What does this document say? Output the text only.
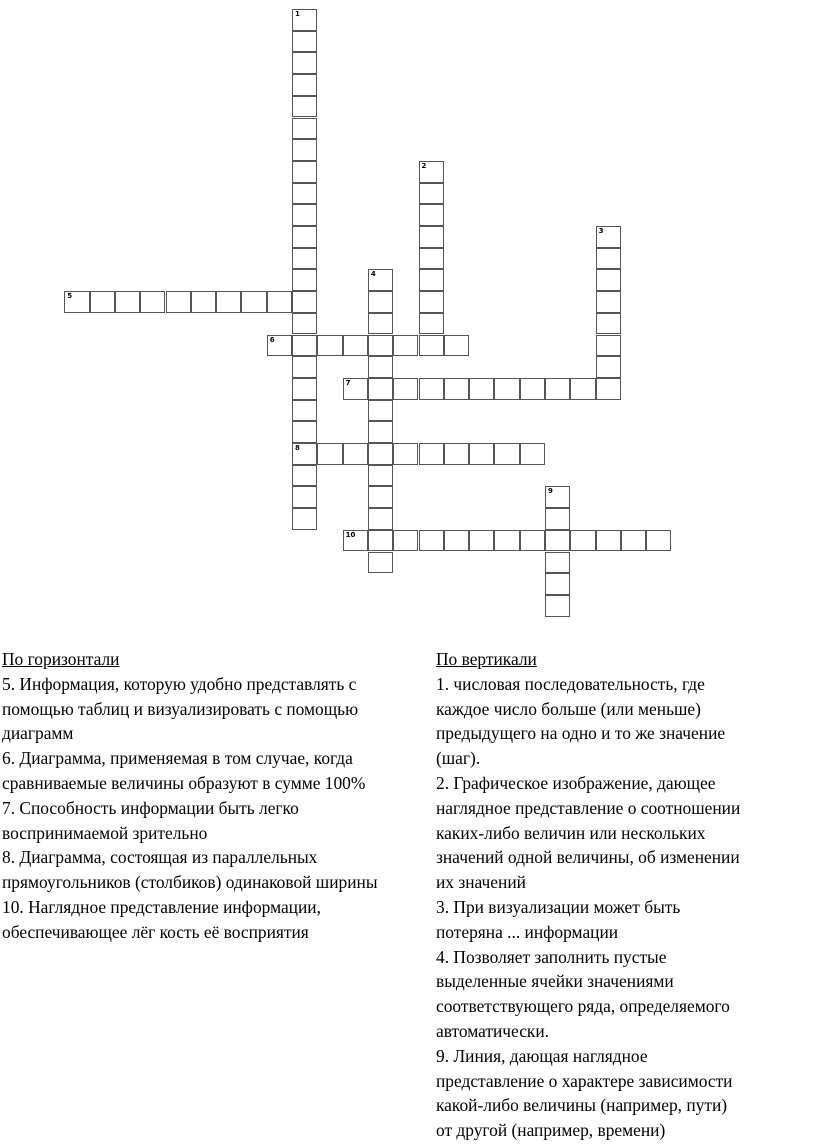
1
8
2
3
4
5
6
7
9
10
По горизонтали
5. Информация, которую удобно представлять с помощью таблиц и визуализировать с помощью диаграмм
6. Диаграмма, применяемая в том случае, когда сравниваемые величины образуют в сумме 100%
7. Способность информации быть легко воспринимаемой зрительно
8. Диаграмма, состоящая из параллельных прямоугольников (столбиков) одинаковой ширины
10. Наглядное представление информации, обеспечивающее лёг кость её восприятия
По вертикали
1. числовая последовательность, где
каждое число больше (или меньше)
предыдущего на одно и то же значение
(шаг).
2. Графическое изображение, дающее
наглядное представление о соотношении
каких-либо величин или нескольких
значений одной величины, об изменении
их значений
3. При визуализации может быть
потеряна ... информации
4. Позволяет заполнить пустые
выделенные ячейки значениями
соответствующего ряда, определяемого
автоматически.
9. Линия, дающая наглядное
представление о характере зависимости
какой-либо величины (например, пути)
от другой (например, времени)
